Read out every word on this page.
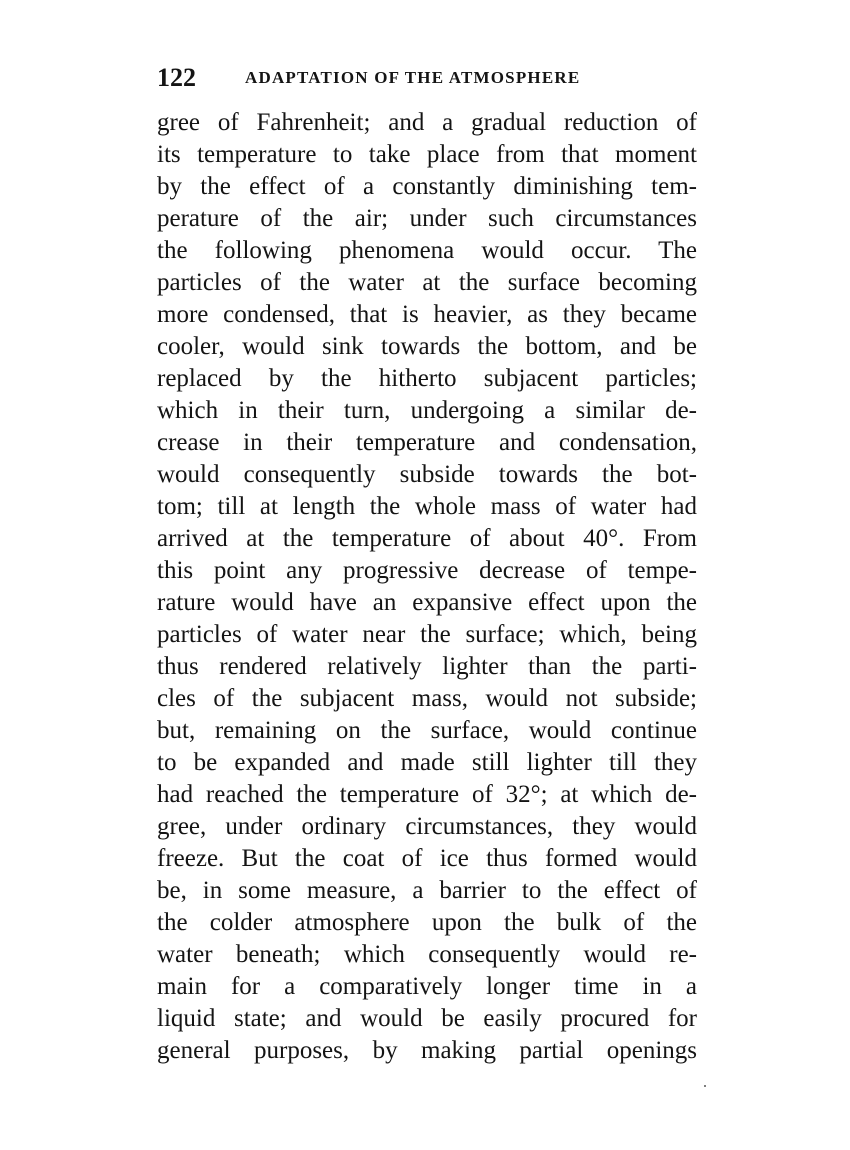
122	ADAPTATION OF THE ATMOSPHERE
gree of Fahrenheit; and a gradual reduction of
its temperature to take place from that moment
by the effect of a constantly diminishing tem-
perature of the air; under such circumstances
the following phenomena would occur. The
particles of the water at the surface becoming
more condensed, that is heavier, as they became
cooler, would sink towards the bottom, and be
replaced by the hitherto subjacent particles;
which in their turn, undergoing a similar de-
crease in their temperature and condensation,
would consequently subside towards the bot-
tom; till at length the whole mass of water had
arrived at the temperature of about 40°. From
this point any progressive decrease of tempe-
rature would have an expansive effect upon the
particles of water near the surface; which, being
thus rendered relatively lighter than the parti-
cles of the subjacent mass, would not subside;
but, remaining on the surface, would continue
to be expanded and made still lighter till they
had reached the temperature of 32°; at which de-
gree, under ordinary circumstances, they would
freeze. But the coat of ice thus formed would
be, in some measure, a barrier to the effect of
the colder atmosphere upon the bulk of the
water beneath; which consequently would re-
main for a comparatively longer time in a
liquid state; and would be easily procured for
general purposes, by making partial openings
